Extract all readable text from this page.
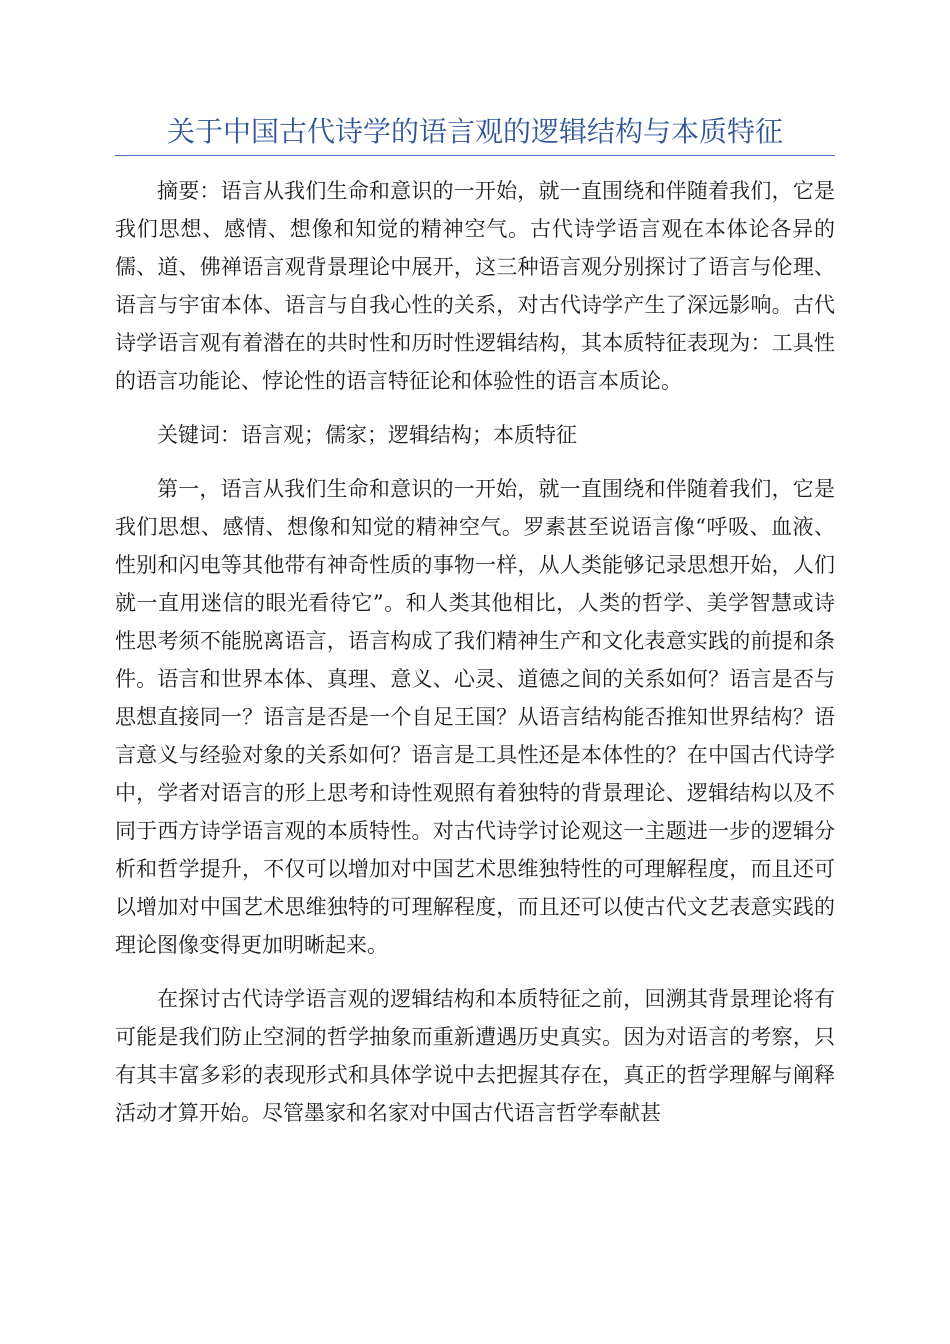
关于中国古代诗学的语言观的逻辑结构与本质特征

摘要：语言从我们生命和意识的一开始，就一直围绕和伴随着我们，它是我们思想、感情、想像和知觉的精神空气。古代诗学语言观在本体论各异的儒、道、佛禅语言观背景理论中展开，这三种语言观分别探讨了语言与伦理、语言与宇宙本体、语言与自我心性的关系，对古代诗学产生了深远影响。古代诗学语言观有着潜在的共时性和历时性逻辑结构，其本质特征表现为：工具性的语言功能论、悖论性的语言特征论和体验性的语言本质论。

关键词：语言观；儒家；逻辑结构；本质特征

第一，语言从我们生命和意识的一开始，就一直围绕和伴随着我们，它是我们思想、感情、想像和知觉的精神空气。罗素甚至说语言像“呼吸、血液、性别和闪电等其他带有神奇性质的事物一样，从人类能够记录思想开始，人们就一直用迷信的眼光看待它”。和人类其他相比，人类的哲学、美学智慧或诗性思考须不能脱离语言，语言构成了我们精神生产和文化表意实践的前提和条件。语言和世界本体、真理、意义、心灵、道德之间的关系如何？语言是否与思想直接同一？语言是否是一个自足王国？从语言结构能否推知世界结构？语言意义与经验对象的关系如何？语言是工具性还是本体性的？在中国古代诗学中，学者对语言的形上思考和诗性观照有着独特的背景理论、逻辑结构以及不同于西方诗学语言观的本质特性。对古代诗学讨论观这一主题进一步的逻辑分析和哲学提升，不仅可以增加对中国艺术思维独特性的可理解程度，而且还可以增加对中国艺术思维独特的可理解程度，而且还可以使古代文艺表意实践的理论图像变得更加明晰起来。

在探讨古代诗学语言观的逻辑结构和本质特征之前，回溯其背景理论将有可能是我们防止空洞的哲学抽象而重新遭遇历史真实。因为对语言的考察，只有其丰富多彩的表现形式和具体学说中去把握其存在，真正的哲学理解与阐释活动才算开始。尽管墨家和名家对中国古代语言哲学奉献甚
